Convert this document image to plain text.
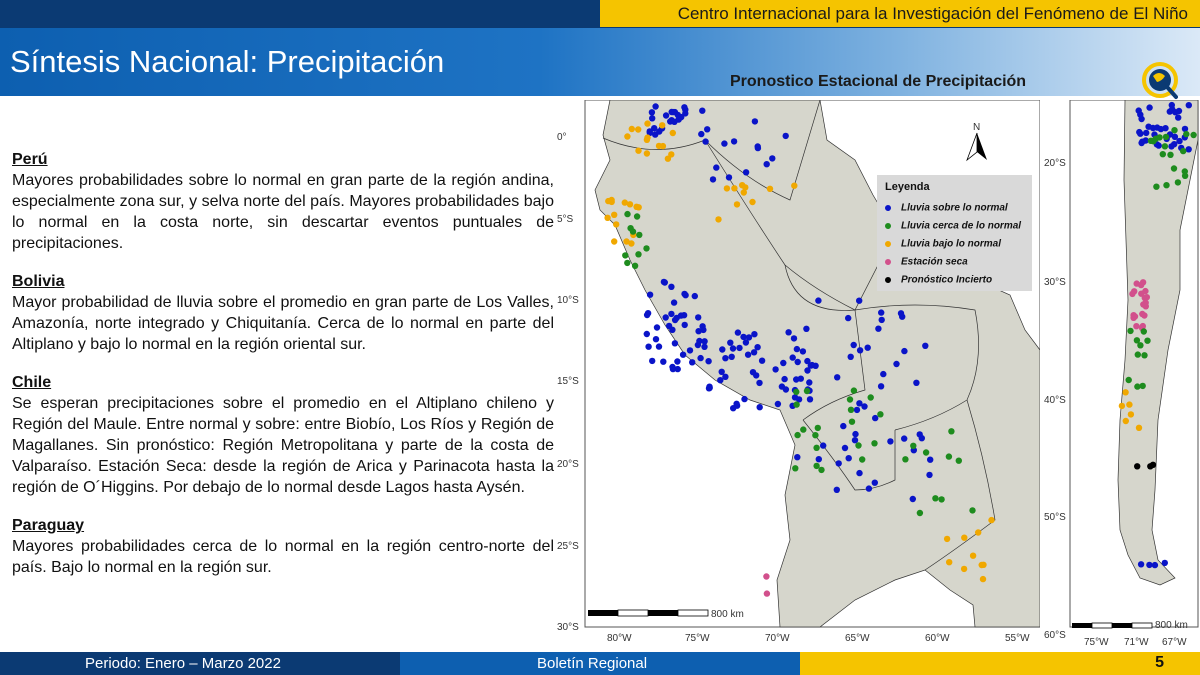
Centro Internacional para la Investigación del Fenómeno de El Niño
Síntesis Nacional: Precipitación
Pronostico Estacional de Precipitación
Perú
Mayores probabilidades sobre lo normal en gran parte de la región andina, especialmente zona sur, y selva norte del país. Mayores probabilidades bajo lo normal en la costa norte, sin descartar eventos puntuales de precipitaciones.
Bolivia
Mayor probabilidad de lluvia sobre el promedio en gran parte de Los Valles, Amazonía, norte integrado y Chiquitanía. Cerca de lo normal en parte del Altiplano y bajo lo normal en la región oriental sur.
Chile
Se esperan precipitaciones sobre el promedio en el Altiplano chileno y Región del Maule. Entre normal y sobre: entre Biobío, Los Ríos y Región de Magallanes. Sin pronóstico: Región Metropolitana y parte de la costa de Valparaíso. Estación Seca: desde la región de Arica y Parinacota hasta la región de O´Higgins. Por debajo de lo normal desde Lagos hasta Aysén.
Paraguay
Mayores probabilidades cerca de lo normal en la región centro-norte del país. Bajo lo normal en la región sur.
0°
5°S
10°S
15°S
20°S
25°S
30°S
80°W	75°W	70°W	65°W	60°W	55°W
800 km
N
20°S
30°S
40°S
50°S
60°S
75°W 71°W 67°W
800 km
Leyenda
Lluvia sobre lo normal
Lluvia cerca de lo normal
Lluvia bajo lo normal
Estación seca
Pronóstico Incierto
Periodo: Enero – Marzo 2022	Boletín Regional	5
